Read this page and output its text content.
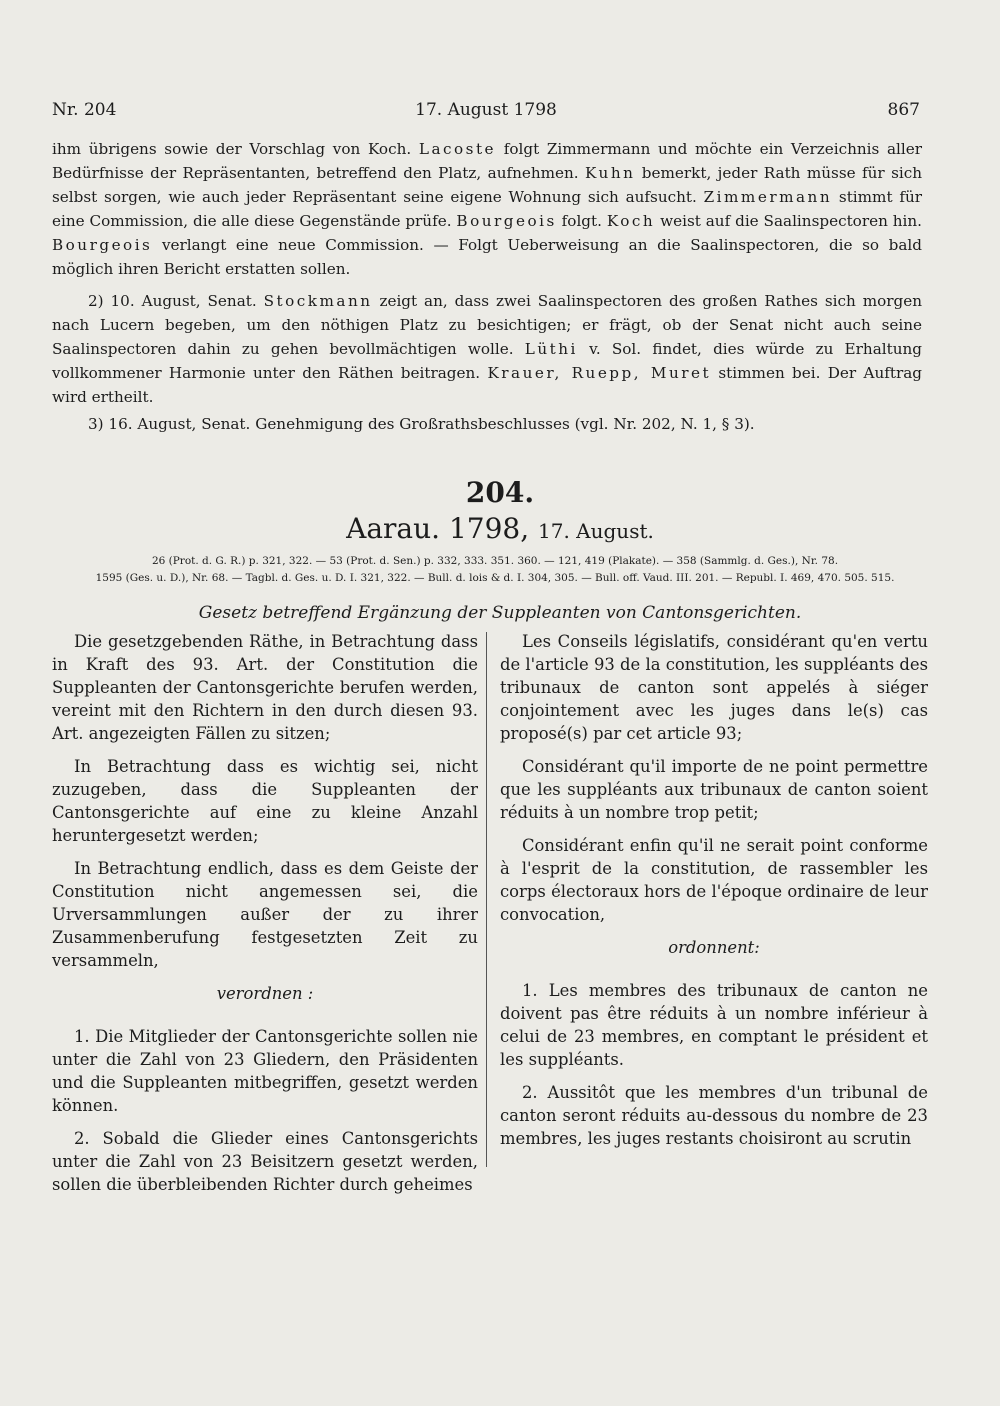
Nr. 204	17. August 1798	867
ihm übrigens sowie der Vorschlag von Koch. Lacoste folgt Zimmermann und möchte ein Verzeichnis aller Bedürfnisse der Repräsentanten, betreffend den Platz, aufnehmen. Kuhn bemerkt, jeder Rath müsse für sich selbst sorgen, wie auch jeder Repräsentant seine eigene Wohnung sich aufsucht. Zimmermann stimmt für eine Commission, die alle diese Gegenstände prüfe. Bourgeois folgt. Koch weist auf die Saalinspectoren hin. Bourgeois verlangt eine neue Commission. — Folgt Ueberweisung an die Saalinspectoren, die so bald möglich ihren Bericht erstatten sollen.
2) 10. August, Senat. Stockmann zeigt an, dass zwei Saalinspectoren des großen Rathes sich morgen nach Lucern begeben, um den nöthigen Platz zu besichtigen; er frägt, ob der Senat nicht auch seine Saalinspectoren dahin zu gehen bevollmächtigen wolle. Lüthi v. Sol. findet, dies würde zu Erhaltung vollkommener Harmonie unter den Räthen beitragen. Krauer, Ruepp, Muret stimmen bei. Der Auftrag wird ertheilt.
3) 16. August, Senat. Genehmigung des Großrathsbeschlusses (vgl. Nr. 202, N. 1, § 3).
204.
Aarau. 1798, 17. August.
26 (Prot. d. G. R.) p. 321, 322. — 53 (Prot. d. Sen.) p. 332, 333. 351. 360. — 121, 419 (Plakate). — 358 (Sammlg. d. Ges.), Nr. 78.
1595 (Ges. u. D.), Nr. 68. — Tagbl. d. Ges. u. D. I. 321, 322. — Bull. d. lois & d. I. 304, 305. — Bull. off. Vaud. III. 201. — Republ. I. 469, 470. 505. 515.
Gesetz betreffend Ergänzung der Suppleanten von Cantonsgerichten.

Die gesetzgebenden Räthe, in Betrachtung dass in Kraft des 93. Art. der Constitution die Suppleanten der Cantonsgerichte berufen werden, vereint mit den Richtern in den durch diesen 93. Art. angezeigten Fällen zu sitzen;

In Betrachtung dass es wichtig sei, nicht zuzugeben, dass die Suppleanten der Cantonsgerichte auf eine zu kleine Anzahl heruntergesetzt werden;

In Betrachtung endlich, dass es dem Geiste der Constitution nicht angemessen sei, die Urversammlungen außer der zu ihrer Zusammenberufung festgesetzten Zeit zu versammeln,

verordnen :

1. Die Mitglieder der Cantonsgerichte sollen nie unter die Zahl von 23 Gliedern, den Präsidenten und die Suppleanten mitbegriffen, gesetzt werden können.

2. Sobald die Glieder eines Cantonsgerichts unter die Zahl von 23 Beisitzern gesetzt werden, sollen die überbleibenden Richter durch geheimes

Les Conseils législatifs, considérant qu'en vertu de l'article 93 de la constitution, les suppléants des tribunaux de canton sont appelés à siéger conjointement avec les juges dans le(s) cas proposé(s) par cet article 93;

Considérant qu'il importe de ne point permettre que les suppléants aux tribunaux de canton soient réduits à un nombre trop petit;

Considérant enfin qu'il ne serait point conforme à l'esprit de la constitution, de rassembler les corps électoraux hors de l'époque ordinaire de leur convocation,

ordonnent:

1. Les membres des tribunaux de canton ne doivent pas être réduits à un nombre inférieur à celui de 23 membres, en comptant le président et les suppléants.

2. Aussitôt que les membres d'un tribunal de canton seront réduits au-dessous du nombre de 23 membres, les juges restants choisiront au scrutin
